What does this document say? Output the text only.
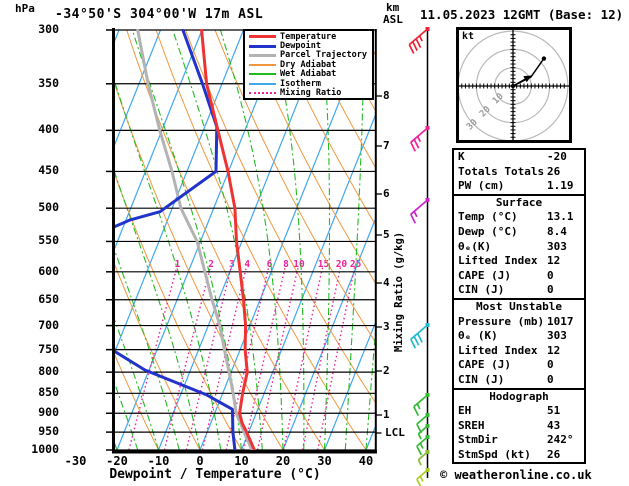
hPa -34°50'S 304°00'W 17m ASL	11.05.2023 12GMT (Base: 12)
km
ASL
Temperature
Dewpoint
Parcel Trajectory
Dry Adiabat
Wet Adiabat
Isotherm
Mixing Ratio
Mixing Ratio (g/kg)
LCL
Dewpoint / Temperature (°C)
kt
10
20
30
K	-20
Totals Totals 26
PW (cm)	1.19
Surface
Temp (°C)	13.1
Dewp (°C)	8.4
θₑ(K)	303
Lifted Index 12
CAPE (J)	0
CIN (J)	0
Most Unstable
Pressure (mb) 1017
θₑ (K)	303
Lifted Index 12
CAPE (J)	0
CIN (J)	0
Hodograph
EH	51
SREH	43
StmDir	242°
StmSpd (kt) 26
© weatheronline.co.uk
1	2	3	4	6	8 10	15 20 25
300
350
400
450
500
550
600
650
700
750
800
850
900
950
1000
8
7
6
5
4
3
2
1
-30	-20	-10	0	10	20	30	40
